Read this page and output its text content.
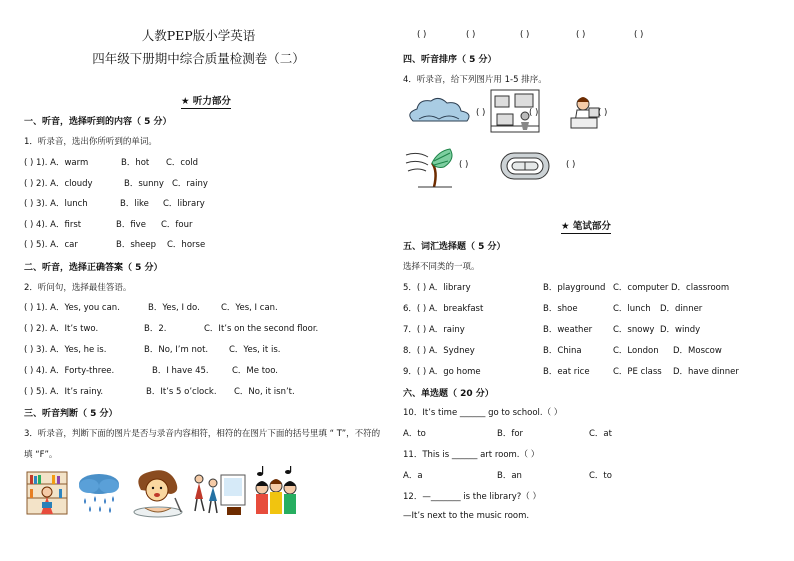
人教PEP版小学英语
四年级下册期中综合质量检测卷（二）
★ 听力部分
一、听音，选择听到的内容（ 5 分）
1．听录音，选出你所听到的单词。
( ) 1). A．warm	B．hot C．cold
( ) 2). A．cloudy	B．sunny C．rainy
( ) 3). A．lunch	B．like C．library
( ) 4). A．first	B．five C．four
( ) 5). A．car	B．sheep C．horse
二、听音，选择正确答案（ 5 分）
2．听问句，选择最佳答语。
( ) 1). A．Yes, you can.	B．Yes, I do. C．Yes, I can.
( ) 2). A．It’s two.	B．2.	C．It’s on the second floor.
( ) 3). A．Yes, he is.	B．No, I’m not. C．Yes, it is.
( ) 4). A．Forty-three.	B．I have 45.	C．Me too.
( ) 5). A．It’s rainy.	B．It’s 5 o’clock. C．No, it isn’t.
三、听音判断（ 5 分）
3．听录音，判断下面的图片是否与录音内容相符，相符的在图片下面的括号里填 “ T”，不符的
填 “F”。
( )	( )	( )	( )	( )
四、听音排序（ 5 分）
4．听录音，给下列图片用 1-5 排序。
( )	( )	( )
( )	( )
★ 笔试部分
五、词汇选择题（ 5 分）
选择不同类的一项。
5．( ) A．library	B．playground C．computer D．classroom
6．( ) A．breakfast	B．shoe	C．lunch D．dinner
7．( ) A．rainy	B．weather C．snowy D．windy
8．( ) A．Sydney	B．China	C．London D．Moscow
9．( ) A．go home	B．eat rice	C．PE class D．have dinner
六、单选题（ 20 分）
10．It’s time ______ go to school.（ ）
A．to	B．for	C．at
11．This is ______ art room.（ ）
A．a	B．an	C．to
12．—_______ is the library?（ ）
—It’s next to the music room.
